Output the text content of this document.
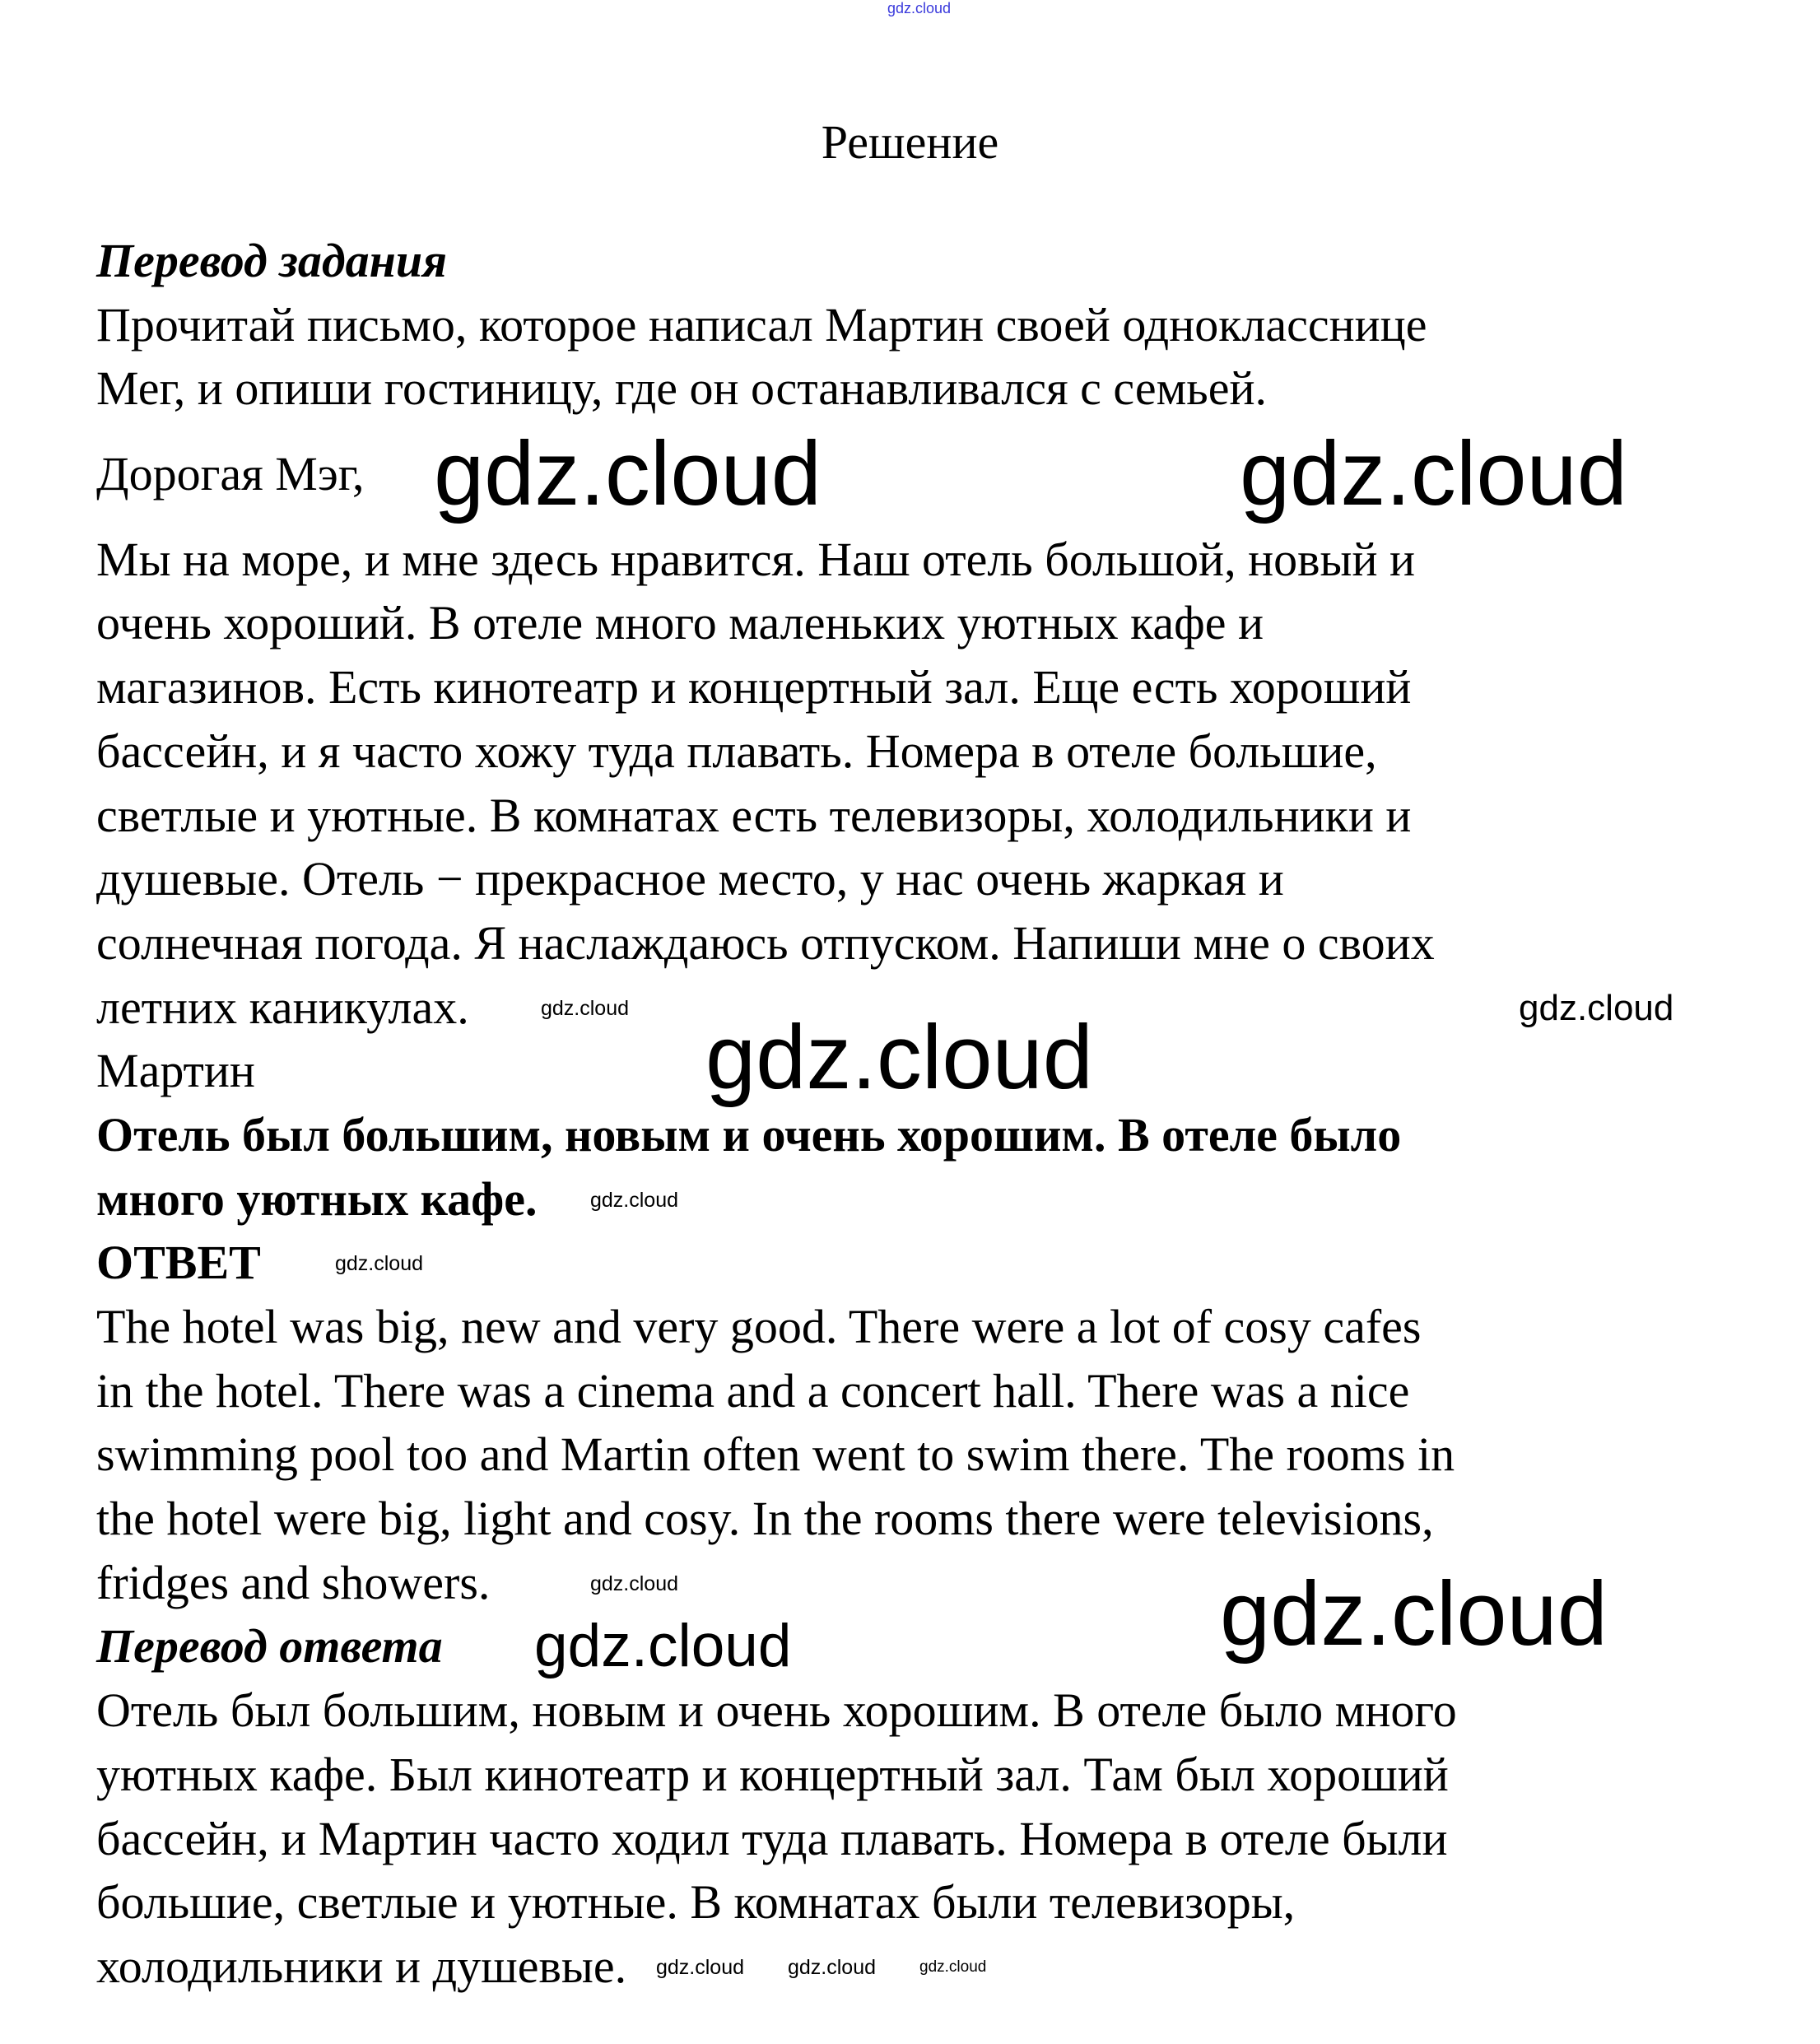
gdz.cloud
Решение
Перевод задания
Прочитай письмо, которое написал Мартин своей однокласснице
Мег, и опиши гостиницу, где он останавливался с семьей.
Дорогая Мэг, gdz.cloud	gdz.cloud
Мы на море, и мне здесь нравится. Наш отель большой, новый и
очень хороший. В отеле много маленьких уютных кафе и
магазинов. Есть кинотеатр и концертный зал. Еще есть хороший
бассейн, и я часто хожу туда плавать. Номера в отеле большие,
светлые и уютные. В комнатах есть телевизоры, холодильники и
душевые. Отель − прекрасное место, у нас очень жаркая и
солнечная погода. Я наслаждаюсь отпуском. Напиши мне о своих
летних каникулах.	gdz.cloud	gdz.cloud
Мартин	gdz.cloud
Отель был большим, новым и очень хорошим. В отеле было
много уютных кафе.	gdz.cloud
ОТВЕТ	gdz.cloud
The hotel was big, new and very good. There were a lot of cosy cafes
in the hotel. There was a cinema and a concert hall. There was a nice
swimming pool too and Martin often went to swim there. The rooms in
the hotel were big, light and cosy. In the rooms there were televisions,
fridges and showers.	gdz.cloud	gdz.cloud
Перевод ответа gdz.cloud
Отель был большим, новым и очень хорошим. В отеле было много
уютных кафе. Был кинотеатр и концертный зал. Там был хороший
бассейн, и Мартин часто ходил туда плавать. Номера в отеле были
большие, светлые и уютные. В комнатах были телевизоры,
холодильники и душевые. gdz.cloud gdz.cloud	gdz.cloud
